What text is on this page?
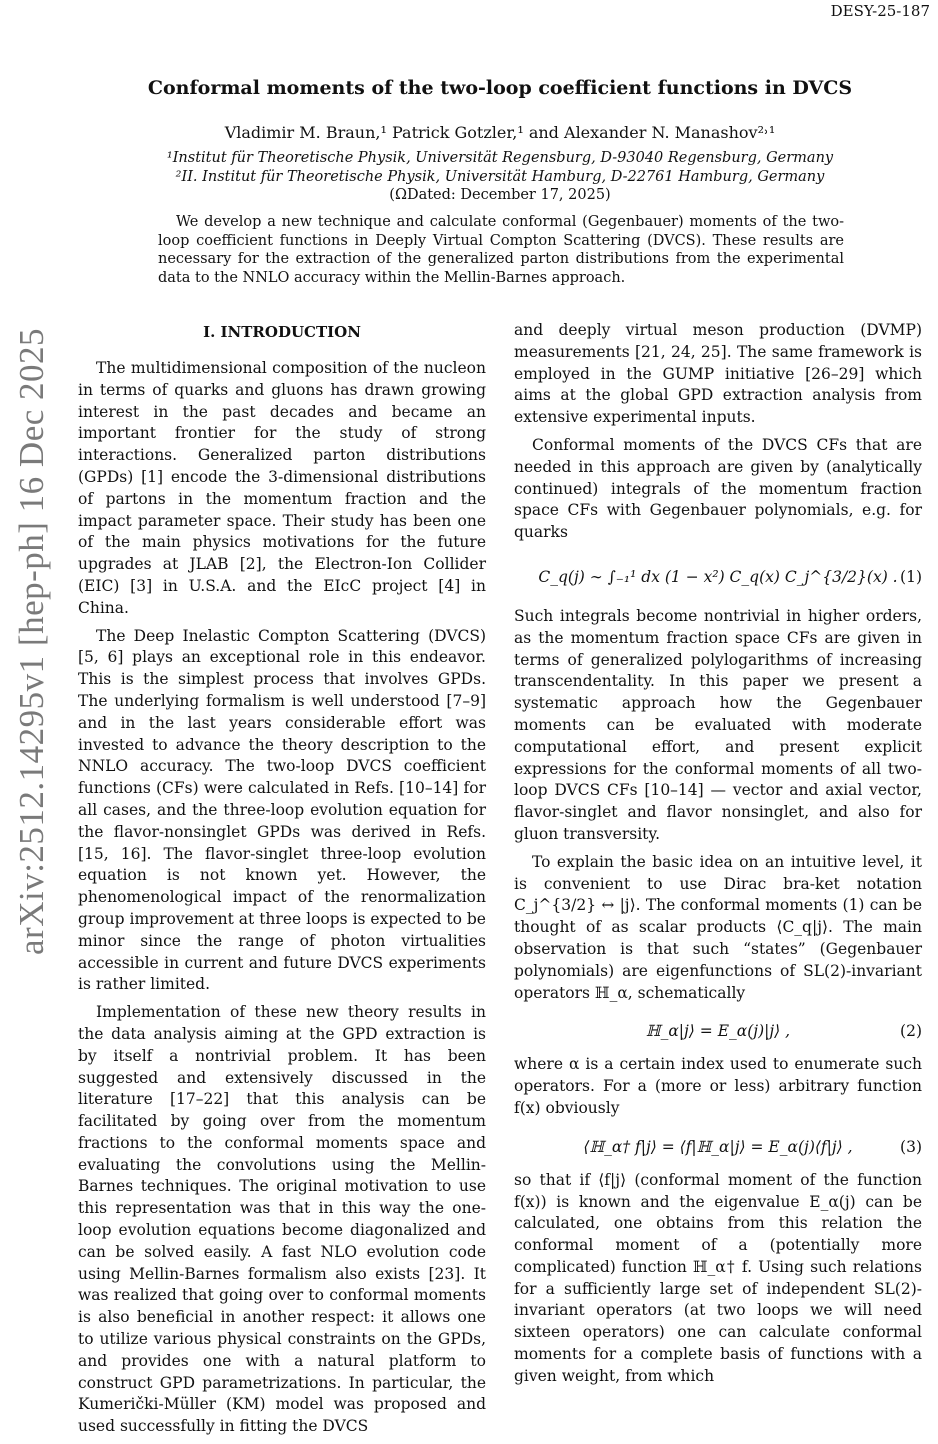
DESY-25-187
arXiv:2512.14295v1 [hep-ph] 16 Dec 2025
Conformal moments of the two-loop coefficient functions in DVCS
Vladimir M. Braun,¹ Patrick Gotzler,¹ and Alexander N. Manashov²˒¹
¹Institut für Theoretische Physik, Universität Regensburg, D-93040 Regensburg, Germany
²II. Institut für Theoretische Physik, Universität Hamburg, D-22761 Hamburg, Germany
(ΩDated: December 17, 2025)
We develop a new technique and calculate conformal (Gegenbauer) moments of the two-loop coefficient functions in Deeply Virtual Compton Scattering (DVCS). These results are necessary for the extraction of the generalized parton distributions from the experimental data to the NNLO accuracy within the Mellin-Barnes approach.
I. INTRODUCTION

The multidimensional composition of the nucleon in terms of quarks and gluons has drawn growing interest in the past decades and became an important frontier for the study of strong interactions. Generalized parton distributions (GPDs) [1] encode the 3-dimensional distributions of partons in the momentum fraction and the impact parameter space. Their study has been one of the main physics motivations for the future upgrades at JLAB [2], the Electron-Ion Collider (EIC) [3] in U.S.A. and the EIcC project [4] in China.

The Deep Inelastic Compton Scattering (DVCS) [5, 6] plays an exceptional role in this endeavor. This is the simplest process that involves GPDs. The underlying formalism is well understood [7–9] and in the last years considerable effort was invested to advance the theory description to the NNLO accuracy. The two-loop DVCS coefficient functions (CFs) were calculated in Refs. [10–14] for all cases, and the three-loop evolution equation for the flavor-nonsinglet GPDs was derived in Refs. [15, 16]. The flavor-singlet three-loop evolution equation is not known yet. However, the phenomenological impact of the renormalization group improvement at three loops is expected to be minor since the range of photon virtualities accessible in current and future DVCS experiments is rather limited.

Implementation of these new theory results in the data analysis aiming at the GPD extraction is by itself a nontrivial problem. It has been suggested and extensively discussed in the literature [17–22] that this analysis can be facilitated by going over from the momentum fractions to the conformal moments space and evaluating the convolutions using the Mellin-Barnes techniques. The original motivation to use this representation was that in this way the one-loop evolution equations become diagonalized and can be solved easily. A fast NLO evolution code using Mellin-Barnes formalism also exists [23]. It was realized that going over to conformal moments is also beneficial in another respect: it allows one to utilize various physical constraints on the GPDs, and provides one with a natural platform to construct GPD parametrizations. In particular, the Kumerički-Müller (KM) model was proposed and used successfully in fitting the DVCS

and deeply virtual meson production (DVMP) measurements [21, 24, 25]. The same framework is employed in the GUMP initiative [26–29] which aims at the global GPD extraction analysis from extensive experimental inputs.

Conformal moments of the DVCS CFs that are needed in this approach are given by (analytically continued) integrals of the momentum fraction space CFs with Gegenbauer polynomials, e.g. for quarks

C_q(j) ∼ ∫₋₁¹ dx (1 − x²) C_q(x) C_j^{3/2}(x) . (1)

Such integrals become nontrivial in higher orders, as the momentum fraction space CFs are given in terms of generalized polylogarithms of increasing transcendentality. In this paper we present a systematic approach how the Gegenbauer moments can be evaluated with moderate computational effort, and present explicit expressions for the conformal moments of all two-loop DVCS CFs [10–14] — vector and axial vector, flavor-singlet and flavor nonsinglet, and also for gluon transversity.

To explain the basic idea on an intuitive level, it is convenient to use Dirac bra-ket notation C_j^{3/2} ↔ |j⟩. The conformal moments (1) can be thought of as scalar products ⟨C_q|j⟩. The main observation is that such “states” (Gegenbauer polynomials) are eigenfunctions of SL(2)-invariant operators ℍ_α, schematically

ℍ_α|j⟩ = E_α(j)|j⟩ ,	(2)

where α is a certain index used to enumerate such operators. For a (more or less) arbitrary function f(x) obviously

⟨ℍ_α† f|j⟩ = ⟨f|ℍ_α|j⟩ = E_α(j)⟨f|j⟩ ,	(3)

so that if ⟨f|j⟩ (conformal moment of the function f(x)) is known and the eigenvalue E_α(j) can be calculated, one obtains from this relation the conformal moment of a (potentially more complicated) function ℍ_α† f. Using such relations for a sufficiently large set of independent SL(2)-invariant operators (at two loops we will need sixteen operators) one can calculate conformal moments for a complete basis of functions with a given weight, from which
